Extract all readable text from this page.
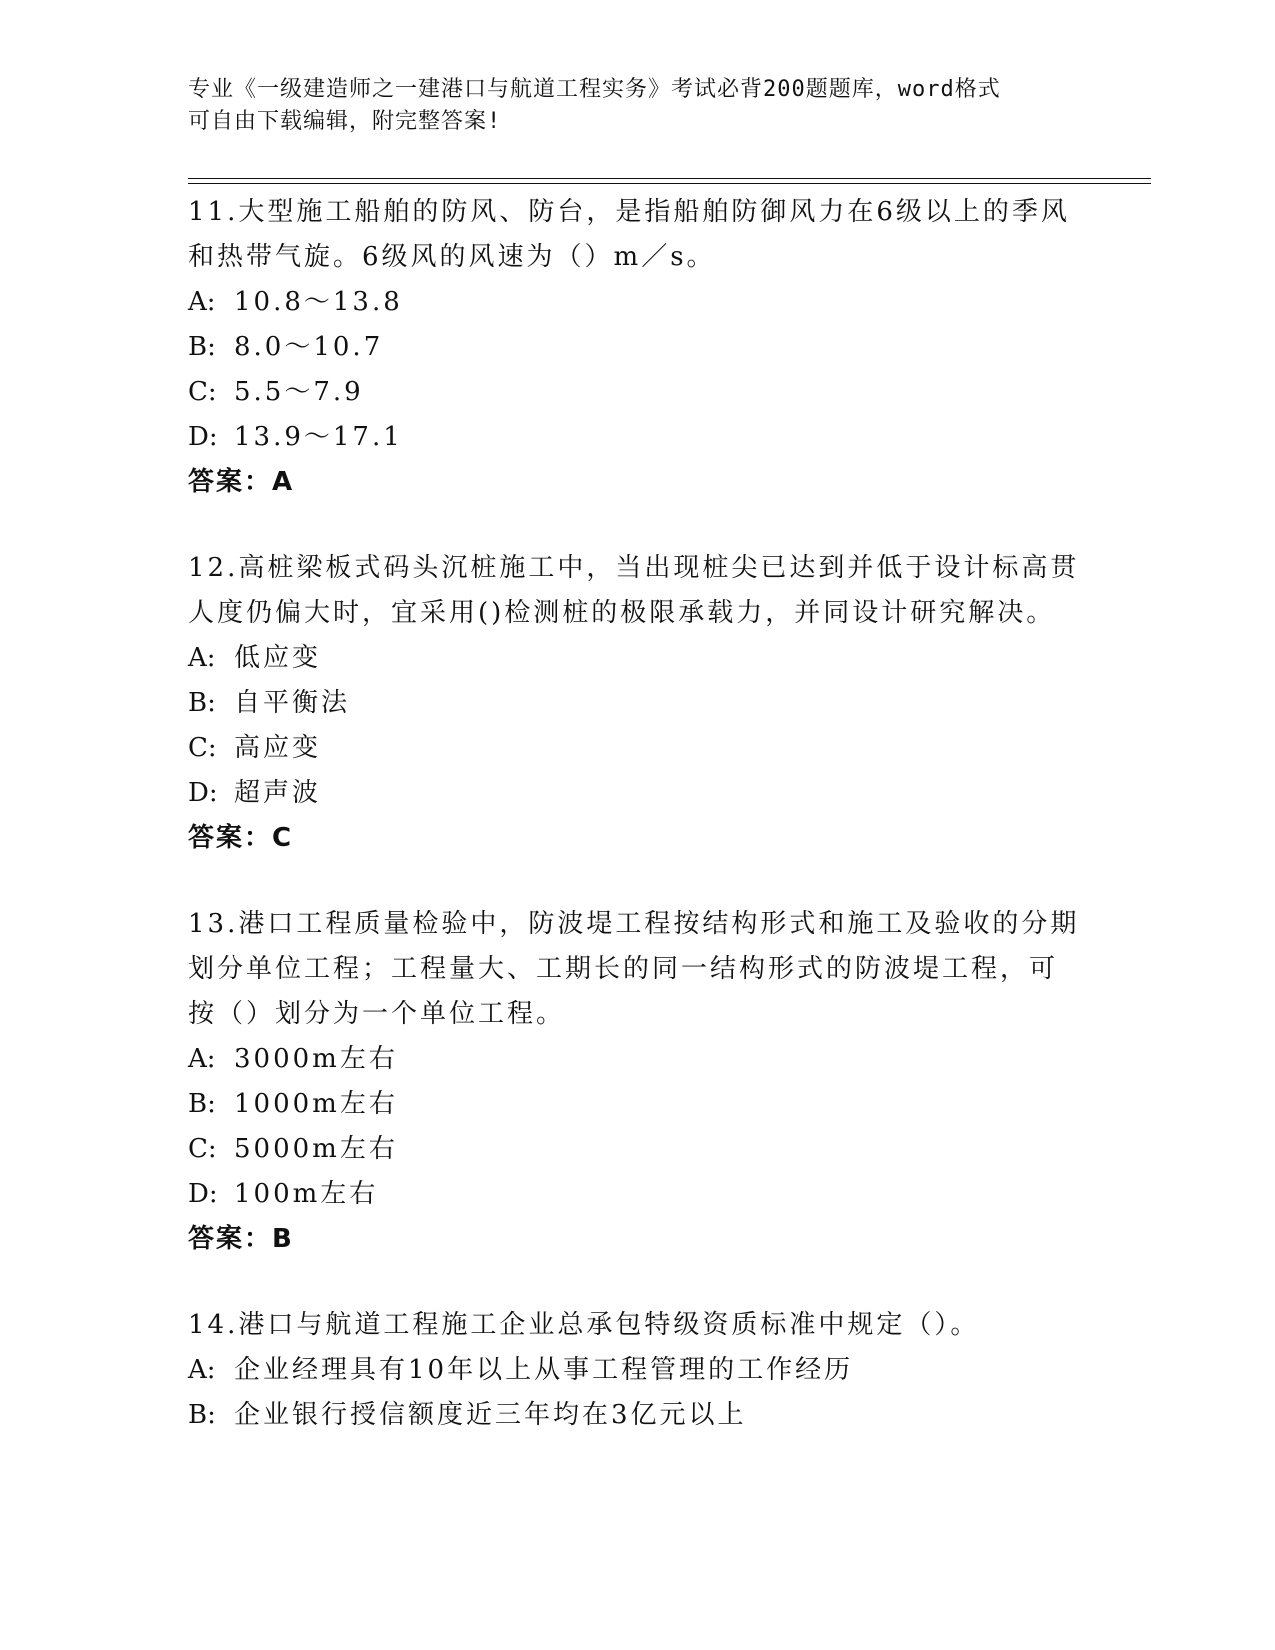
专业《一级建造师之一建港口与航道工程实务》考试必背200题题库，word格式
可自由下载编辑，附完整答案!
11.大型施工船舶的防风、防台，是指船舶防御风力在6级以上的季风
和热带气旋。6级风的风速为（）m／s。
A: 10.8～13.8
B: 8.0～10.7
C: 5.5～7.9
D: 13.9～17.1
答案：A
12.高桩梁板式码头沉桩施工中，当出现桩尖已达到并低于设计标高贯
人度仍偏大时，宜采用()检测桩的极限承载力，并同设计研究解决。
A: 低应变
B: 自平衡法
C: 高应变
D: 超声波
答案：C
13.港口工程质量检验中，防波堤工程按结构形式和施工及验收的分期
划分单位工程；工程量大、工期长的同一结构形式的防波堤工程，可
按（）划分为一个单位工程。
A: 3000m左右
B: 1000m左右
C: 5000m左右
D: 100m左右
答案：B
14.港口与航道工程施工企业总承包特级资质标准中规定（）。
A: 企业经理具有10年以上从事工程管理的工作经历
B: 企业银行授信额度近三年均在3亿元以上
